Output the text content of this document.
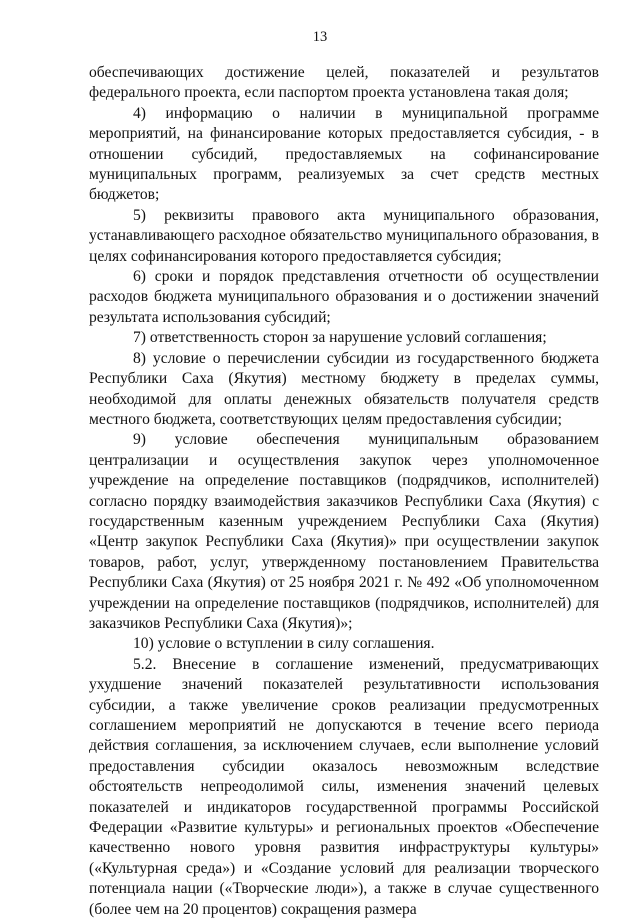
13

обеспечивающих достижение целей, показателей и результатов федерального проекта, если паспортом проекта установлена такая доля;

4) информацию о наличии в муниципальной программе мероприятий, на финансирование которых предоставляется субсидия, - в отношении субсидий, предоставляемых на софинансирование муниципальных программ, реализуемых за счет средств местных бюджетов;

5) реквизиты правового акта муниципального образования, устанавливающего расходное обязательство муниципального образования, в целях софинансирования которого предоставляется субсидия;

6) сроки и порядок представления отчетности об осуществлении расходов бюджета муниципального образования и о достижении значений результата использования субсидий;

7) ответственность сторон за нарушение условий соглашения;

8) условие о перечислении субсидии из государственного бюджета Республики Саха (Якутия) местному бюджету в пределах суммы, необходимой для оплаты денежных обязательств получателя средств местного бюджета, соответствующих целям предоставления субсидии;

9) условие обеспечения муниципальным образованием централизации и осуществления закупок через уполномоченное учреждение на определение поставщиков (подрядчиков, исполнителей) согласно порядку взаимодействия заказчиков Республики Саха (Якутия) с государственным казенным учреждением Республики Саха (Якутия) «Центр закупок Республики Саха (Якутия)» при осуществлении закупок товаров, работ, услуг, утвержденному постановлением Правительства Республики Саха (Якутия) от 25 ноября 2021 г. № 492 «Об уполномоченном учреждении на определение поставщиков (подрядчиков, исполнителей) для заказчиков Республики Саха (Якутия)»;

10) условие о вступлении в силу соглашения.

5.2. Внесение в соглашение изменений, предусматривающих ухудшение значений показателей результативности использования субсидии, а также увеличение сроков реализации предусмотренных соглашением мероприятий не допускаются в течение всего периода действия соглашения, за исключением случаев, если выполнение условий предоставления субсидии оказалось невозможным вследствие обстоятельств непреодолимой силы, изменения значений целевых показателей и индикаторов государственной программы Российской Федерации «Развитие культуры» и региональных проектов «Обеспечение качественно нового уровня развития инфраструктуры культуры» («Культурная среда») и «Создание условий для реализации творческого потенциала нации («Творческие люди»), а также в случае существенного (более чем на 20 процентов) сокращения размера
